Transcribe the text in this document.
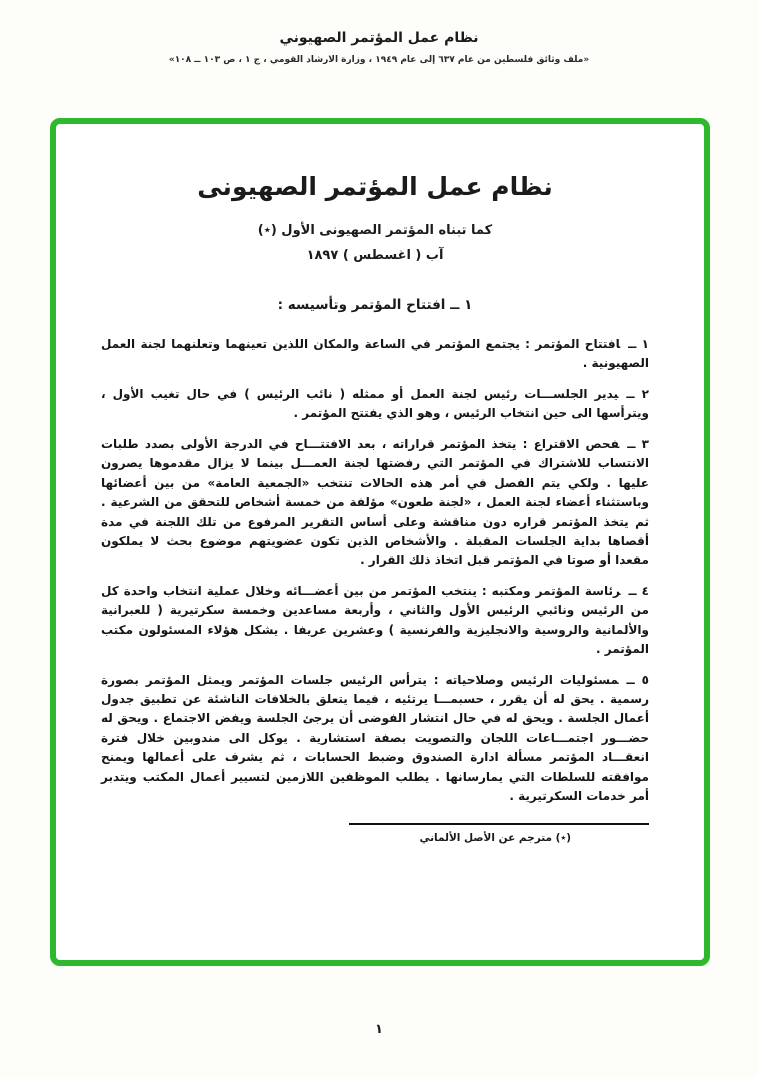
نظام عمل المؤتمر الصهيوني
«ملف وثائق فلسطين من عام ٦٣٧ إلى عام ١٩٤٩ ، وزارة الارشاد القومي ، ج ١ ، ص ١٠٣ ــ ١٠٨»
نظام عمل المؤتمر الصهيونى
كما تبناه المؤتمر الصهيونى الأول (٭)
آب ( اغسطس ) ١٨٩٧
١ ــ افتتاح المؤتمر وتأسيسه :

١ ــافتتاح المؤتمر : يجتمع المؤتمر في الساعة والمكان اللذين تعينهما وتعلنهما لجنة العمل الصهيونية .

٢ ــيدير الجلســـات رئيس لجنة العمل أو ممثله ( نائب الرئيس ) في حال تغيب الأول ، ويترأسها الى حين انتخاب الرئيس ، وهو الذي يفتتح المؤتمر .

٣ ــفحص الاقتراع : يتخذ المؤتمر قراراته ، بعد الافتتـــاح في الدرجة الأولى بصدد طلبات الانتساب للاشتراك في المؤتمر التي رفضتها لجنة العمـــل بينما لا يزال مقدموها يصرون عليها . ولكي يتم الفصل في أمر هذه الحالات تنتخب «الجمعية العامة» من بين أعضائها وباستثناء أعضاء لجنة العمل ، «لجنة طعون» مؤلفة من خمسة أشخاص للتحقق من الشرعية . ثم يتخذ المؤتمر قراره دون مناقشة وعلى أساس التقرير المرفوع من تلك اللجنة في مدة أقصاها بداية الجلسات المقبلة . والأشخاص الذين تكون عضويتهم موضوع بحث لا يملكون مقعدا أو صوتا في المؤتمر قبل اتخاذ ذلك القرار .

٤ ــرئاسة المؤتمر ومكتبه : ينتخب المؤتمر من بين أعضـــائه وخلال عملية انتخاب واحدة كل من الرئيس ونائبي الرئيس الأول والثاني ، وأربعة مساعدين وخمسة سكرتيرية ( للعبرانية والألمانية والروسية والانجليزية والفرنسية ) وعشرين عريفا . يشكل هؤلاء المسئولون مكتب المؤتمر .

٥ ــمسئوليات الرئيس وصلاحياته : يترأس الرئيس جلسات المؤتمر ويمثل المؤتمر بصورة رسمية . يحق له أن يقرر ، حسبمـــا يرتئيه ، فيما يتعلق بالخلافات الناشئة عن تطبيق جدول أعمال الجلسة . ويحق له في حال انتشار الفوضى أن يرجئ الجلسة ويفض الاجتماع . ويحق له حضـــور اجتمـــاعات اللجان والتصويت بصفة استشارية . يوكل الى مندوبين خلال فترة انعقـــاد المؤتمر مسألة ادارة الصندوق وضبط الحسابات ، ثم يشرف على أعمالها ويمنح موافقته للسلطات التي يمارسانها . يطلب الموظفين اللازمين لتسيير أعمال المكتب ويتدبر أمر خدمات السكرتيرية .

(٭) مترجم عن الأصل الألماني
١
